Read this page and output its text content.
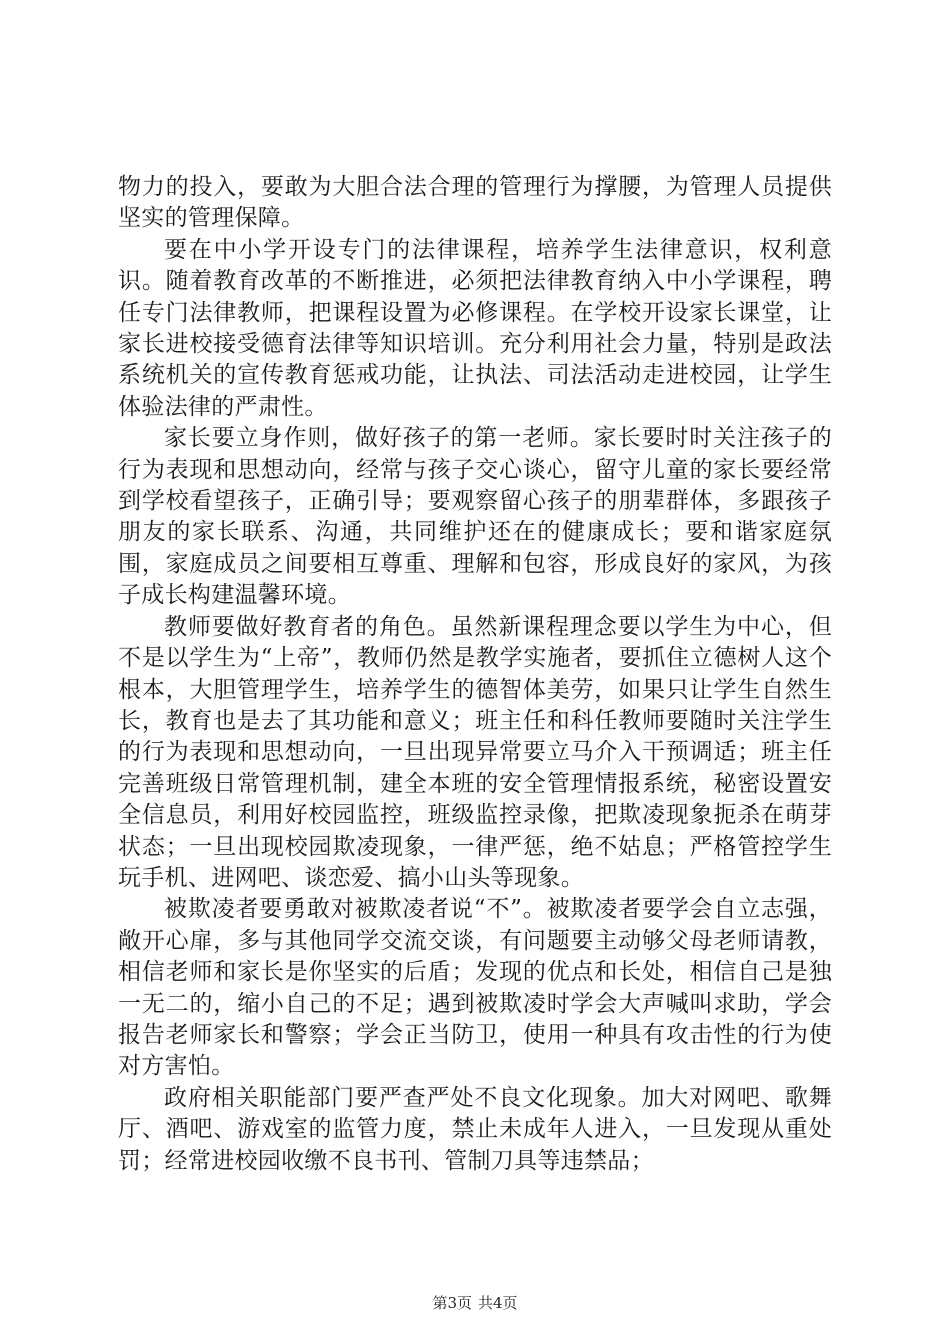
物力的投入，要敢为大胆合法合理的管理行为撑腰，为管理人员提供坚实的管理保障。

要在中小学开设专门的法律课程，培养学生法律意识，权利意识。随着教育改革的不断推进，必须把法律教育纳入中小学课程，聘任专门法律教师，把课程设置为必修课程。在学校开设家长课堂，让家长进校接受德育法律等知识培训。充分利用社会力量，特别是政法系统机关的宣传教育惩戒功能，让执法、司法活动走进校园，让学生体验法律的严肃性。

家长要立身作则，做好孩子的第一老师。家长要时时关注孩子的行为表现和思想动向，经常与孩子交心谈心，留守儿童的家长要经常到学校看望孩子，正确引导；要观察留心孩子的朋辈群体，多跟孩子朋友的家长联系、沟通，共同维护还在的健康成长；要和谐家庭氛围，家庭成员之间要相互尊重、理解和包容，形成良好的家风，为孩子成长构建温馨环境。

教师要做好教育者的角色。虽然新课程理念要以学生为中心，但不是以学生为“上帝”，教师仍然是教学实施者，要抓住立德树人这个根本，大胆管理学生，培养学生的德智体美劳，如果只让学生自然生长，教育也是去了其功能和意义；班主任和科任教师要随时关注学生的行为表现和思想动向，一旦出现异常要立马介入干预调适；班主任完善班级日常管理机制，建全本班的安全管理情报系统，秘密设置安全信息员，利用好校园监控，班级监控录像，把欺凌现象扼杀在萌芽状态；一旦出现校园欺凌现象，一律严惩，绝不姑息；严格管控学生玩手机、进网吧、谈恋爱、搞小山头等现象。

被欺凌者要勇敢对被欺凌者说“不”。被欺凌者要学会自立志强，敞开心扉，多与其他同学交流交谈，有问题要主动够父母老师请教，相信老师和家长是你坚实的后盾；发现的优点和长处，相信自己是独一无二的，缩小自己的不足；遇到被欺凌时学会大声喊叫求助，学会报告老师家长和警察；学会正当防卫，使用一种具有攻击性的行为使对方害怕。

政府相关职能部门要严查严处不良文化现象。加大对网吧、歌舞厅、酒吧、游戏室的监管力度，禁止未成年人进入，一旦发现从重处罚；经常进校园收缴不良书刊、管制刀具等违禁品；

第3页 共4页
